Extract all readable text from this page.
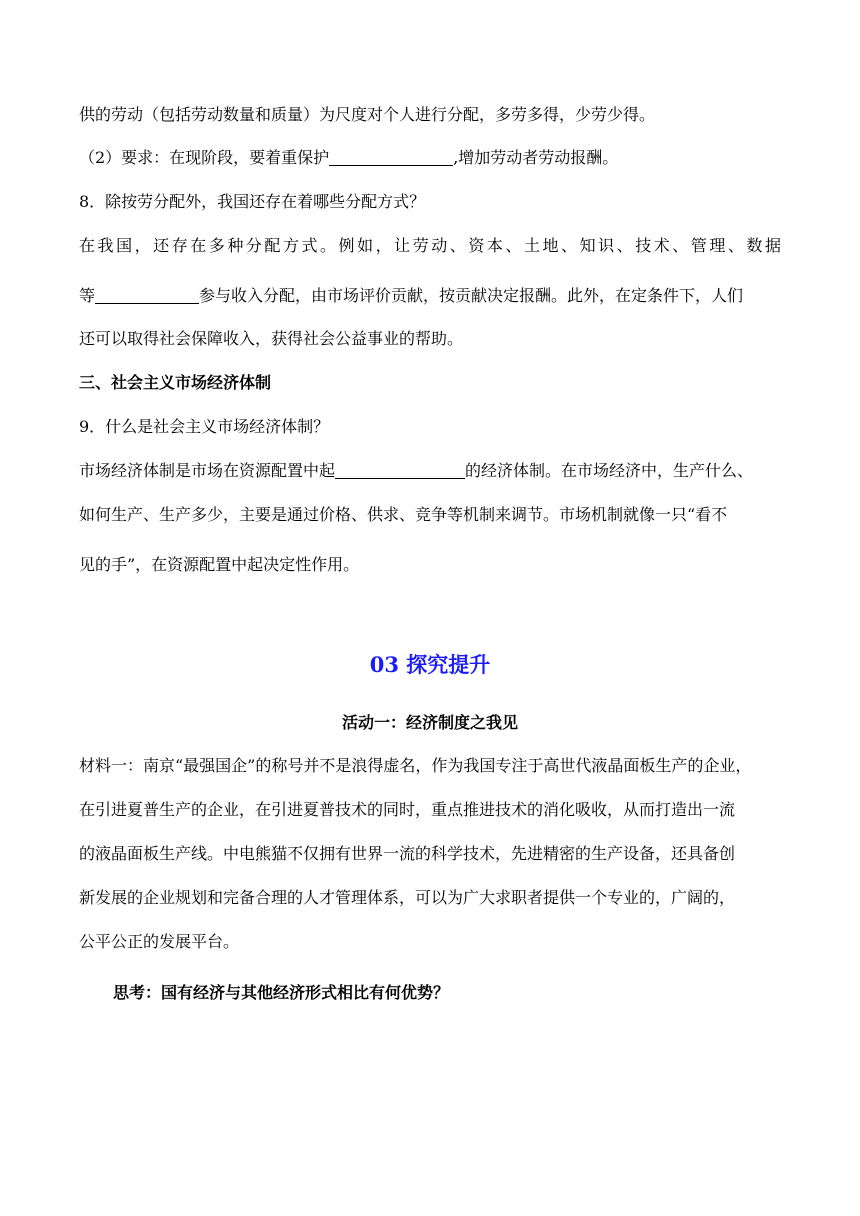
供的劳动（包括劳动数量和质量）为尺度对个人进行分配，多劳多得，少劳少得。
（2）要求：在现阶段，要着重保护	,增加劳动者劳动报酬。
8．除按劳分配外，我国还存在着哪些分配方式？
在我国，还存在多种分配方式。例如，让劳动、资本、土地、知识、技术、管理、数据
等	参与收入分配，由市场评价贡献，按贡献决定报酬。此外，在定条件下，人们
还可以取得社会保障收入，获得社会公益事业的帮助。
三、社会主义市场经济体制
9．什么是社会主义市场经济体制？
市场经济体制是市场在资源配置中起	的经济体制。在市场经济中，生产什么、
如何生产、生产多少，主要是通过价格、供求、竞争等机制来调节。市场机制就像一只“看不
见的手”，在资源配置中起决定性作用。
03 探究提升
活动一：经济制度之我见
材料一：南京“最强国企”的称号并不是浪得虚名，作为我国专注于高世代液晶面板生产的企业，
在引进夏普生产的企业，在引进夏普技术的同时，重点推进技术的消化吸收，从而打造出一流
的液晶面板生产线。中电熊猫不仅拥有世界一流的科学技术，先进精密的生产设备，还具备创
新发展的企业规划和完备合理的人才管理体系，可以为广大求职者提供一个专业的，广阔的，
公平公正的发展平台。
思考：国有经济与其他经济形式相比有何优势？
